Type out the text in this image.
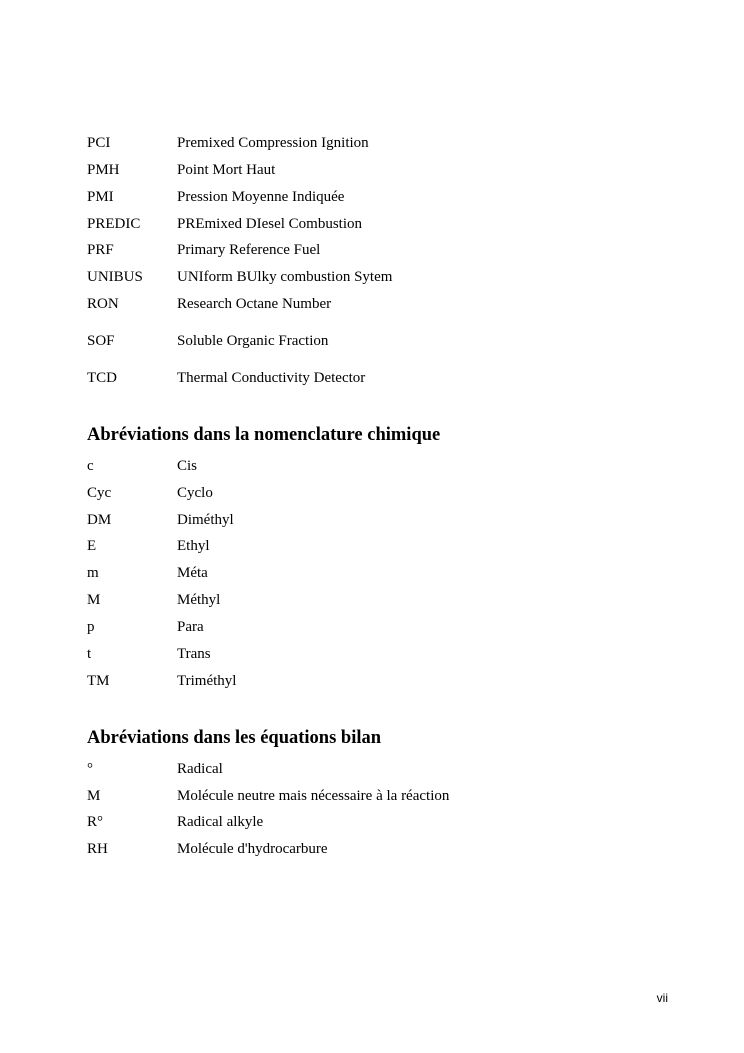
PCI	Premixed Compression Ignition
PMH	Point Mort Haut
PMI	Pression Moyenne Indiquée
PREDIC	PREmixed DIesel Combustion
PRF	Primary Reference Fuel
UNIBUS	UNIform BUlky combustion Sytem
RON	Research Octane Number
SOF	Soluble Organic Fraction
TCD	Thermal Conductivity Detector
Abréviations dans la nomenclature chimique
c	Cis
Cyc	Cyclo
DM	Diméthyl
E	Ethyl
m	Méta
M	Méthyl
p	Para
t	Trans
TM	Triméthyl
Abréviations dans les équations bilan
°	Radical
M	Molécule neutre mais nécessaire à la réaction
R°	Radical alkyle
RH	Molécule d'hydrocarbure
vii
